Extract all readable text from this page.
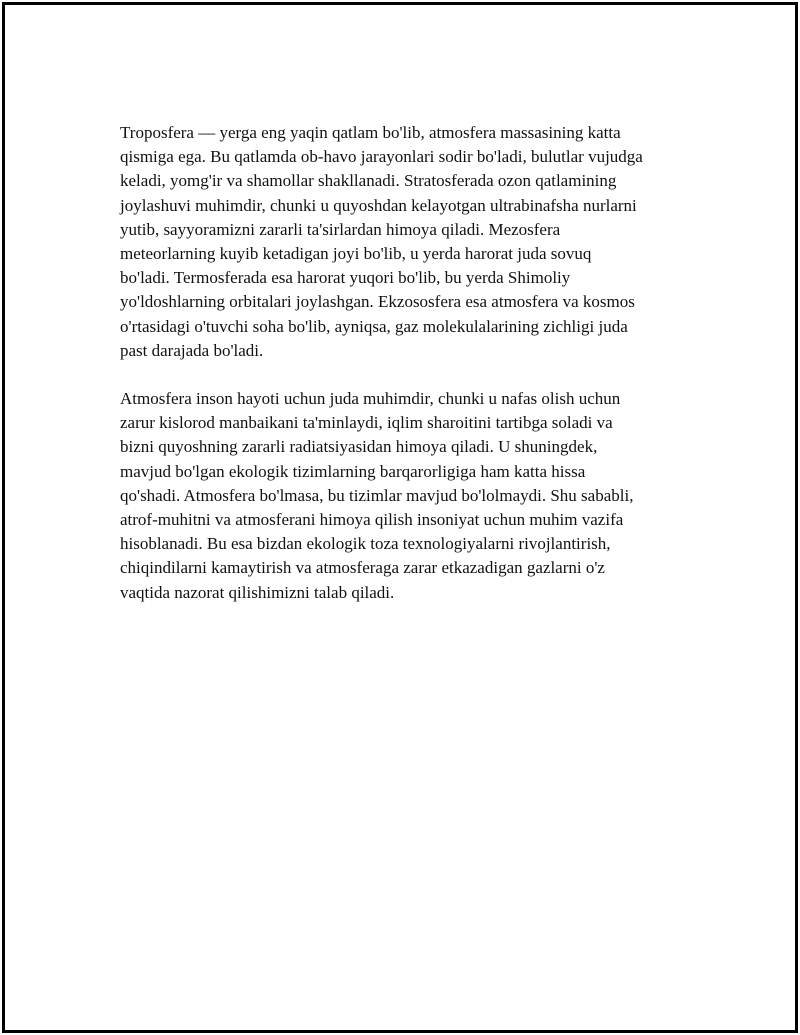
Troposfera — yerga eng yaqin qatlam bo'lib, atmosfera massasining katta
qismiga ega. Bu qatlamda ob-havo jarayonlari sodir bo'ladi, bulutlar vujudga
keladi, yomg'ir va shamollar shakllanadi. Stratosferada ozon qatlamining
joylashuvi muhimdir, chunki u quyoshdan kelayotgan ultrabinafsha nurlarni
yutib, sayyoramizni zararli ta'sirlardan himoya qiladi. Mezosfera
meteorlarning kuyib ketadigan joyi bo'lib, u yerda harorat juda sovuq
bo'ladi. Termosferada esa harorat yuqori bo'lib, bu yerda Shimoliy
yo'ldoshlarning orbitalari joylashgan. Ekzososfera esa atmosfera va kosmos
o'rtasidagi o'tuvchi soha bo'lib, ayniqsa, gaz molekulalarining zichligi juda
past darajada bo'ladi.

Atmosfera inson hayoti uchun juda muhimdir, chunki u nafas olish uchun
zarur kislorod manbaikani ta'minlaydi, iqlim sharoitini tartibga soladi va
bizni quyoshning zararli radiatsiyasidan himoya qiladi. U shuningdek,
mavjud bo'lgan ekologik tizimlarning barqarorligiga ham katta hissa
qo'shadi. Atmosfera bo'lmasa, bu tizimlar mavjud bo'lolmaydi. Shu sababli,
atrof-muhitni va atmosferani himoya qilish insoniyat uchun muhim vazifa
hisoblanadi. Bu esa bizdan ekologik toza texnologiyalarni rivojlantirish,
chiqindilarni kamaytirish va atmosferaga zarar etkazadigan gazlarni o'z
vaqtida nazorat qilishimizni talab qiladi.
